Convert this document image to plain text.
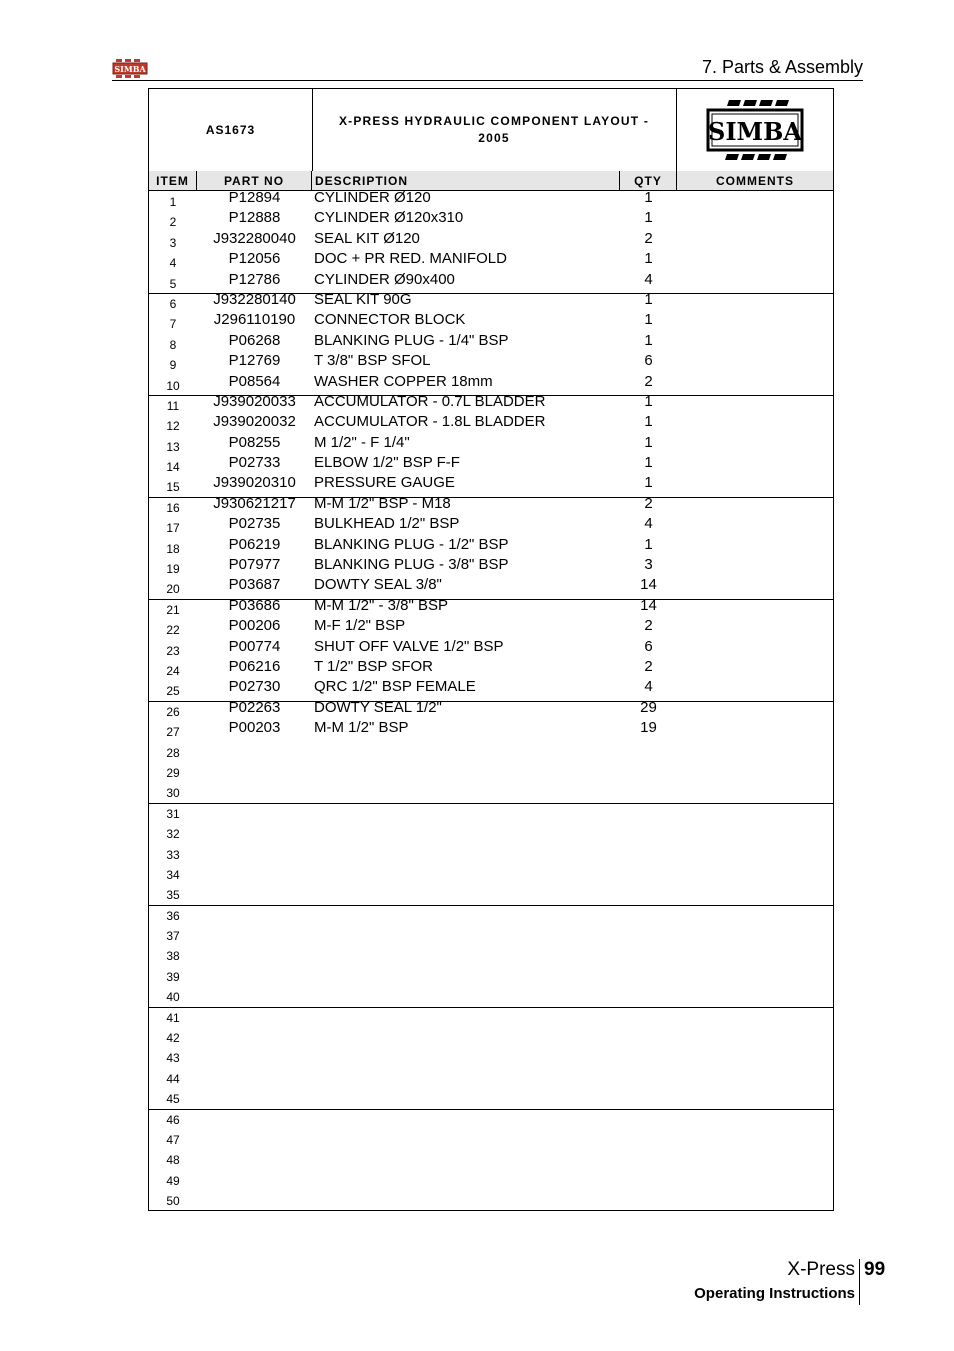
SIMBA	7. Parts & Assembly
AS1673
X-PRESS HYDRAULIC COMPONENT LAYOUT - 2005	SIMBA
ITEM	PART NO	DESCRIPTION	QTY	COMMENTS
1	P12894	CYLINDER Ø120	1
2	P12888	CYLINDER Ø120x310	1
3	J932280040	SEAL KIT Ø120	2
4	P12056	DOC + PR RED. MANIFOLD	1
5	P12786	CYLINDER Ø90x400	4
6	J932280140	SEAL KIT 90G	1
7	J296110190	CONNECTOR BLOCK	1
8	P06268	BLANKING PLUG - 1/4" BSP	1
9	P12769	T 3/8" BSP SFOL	6
10	P08564	WASHER COPPER 18mm	2
11	J939020033	ACCUMULATOR - 0.7L BLADDER	1
12	J939020032	ACCUMULATOR - 1.8L BLADDER	1
13	P08255	M 1/2" - F 1/4"	1
14	P02733	ELBOW 1/2" BSP F-F	1
15	J939020310	PRESSURE GAUGE	1
16	J930621217	M-M 1/2" BSP - M18	2
17	P02735	BULKHEAD 1/2" BSP	4
18	P06219	BLANKING PLUG - 1/2" BSP	1
19	P07977	BLANKING PLUG - 3/8" BSP	3
20	P03687	DOWTY SEAL 3/8"	14
21	P03686	M-M 1/2" - 3/8" BSP	14
22	P00206	M-F 1/2" BSP	2
23	P00774	SHUT OFF VALVE 1/2" BSP	6
24	P06216	T 1/2" BSP SFOR	2
25	P02730	QRC 1/2" BSP FEMALE	4
26	P02263	DOWTY SEAL 1/2"	29
27	P00203	M-M 1/2" BSP	19
28
29
30
31
32
33
34
35
36
37
38
39
40
41
42
43
44
45
46
47
48
49
50
X-Press 99
Operating Instructions
